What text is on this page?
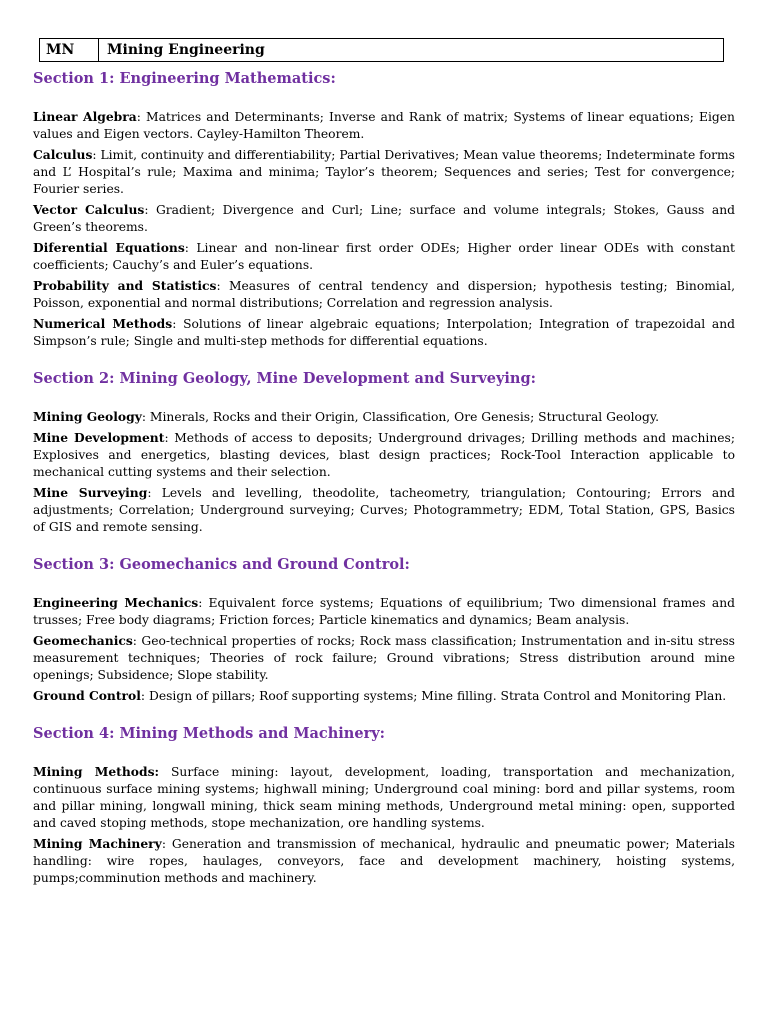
MN	Mining Engineering
Section 1: Engineering Mathematics:

Linear Algebra: Matrices and Determinants; Inverse and Rank of matrix; Systems of linear equations; Eigen values and Eigen vectors. Cayley-Hamilton Theorem.

Calculus: Limit, continuity and differentiability; Partial Derivatives; Mean value theorems; Indeterminate forms and L’ Hospital’s rule; Maxima and minima; Taylor’s theorem; Sequences and series; Test for convergence; Fourier series.

Vector Calculus: Gradient; Divergence and Curl; Line; surface and volume integrals; Stokes, Gauss and Green’s theorems.

Diferential Equations: Linear and non-linear first order ODEs; Higher order linear ODEs with constant coefficients; Cauchy’s and Euler’s equations.

Probability and Statistics: Measures of central tendency and dispersion; hypothesis testing; Binomial, Poisson, exponential and normal distributions; Correlation and regression analysis.

Numerical Methods: Solutions of linear algebraic equations; Interpolation; Integration of trapezoidal and Simpson’s rule; Single and multi-step methods for differential equations.

Section 2: Mining Geology, Mine Development and Surveying:

Mining Geology: Minerals, Rocks and their Origin, Classification, Ore Genesis; Structural Geology.

Mine Development: Methods of access to deposits; Underground drivages; Drilling methods and machines; Explosives and energetics, blasting devices, blast design practices; Rock-Tool Interaction applicable to mechanical cutting systems and their selection.

Mine Surveying: Levels and levelling, theodolite, tacheometry, triangulation; Contouring; Errors and adjustments; Correlation; Underground surveying; Curves; Photogrammetry; EDM, Total Station, GPS, Basics of GIS and remote sensing.

Section 3: Geomechanics and Ground Control:

Engineering Mechanics: Equivalent force systems; Equations of equilibrium; Two dimensional frames and trusses; Free body diagrams; Friction forces; Particle kinematics and dynamics; Beam analysis.

Geomechanics: Geo-technical properties of rocks; Rock mass classification; Instrumentation and in-situ stress measurement techniques; Theories of rock failure; Ground vibrations; Stress distribution around mine openings; Subsidence; Slope stability.

Ground Control: Design of pillars; Roof supporting systems; Mine filling. Strata Control and Monitoring Plan.

Section 4: Mining Methods and Machinery:

Mining Methods: Surface mining: layout, development, loading, transportation and mechanization, continuous surface mining systems; highwall mining; Underground coal mining: bord and pillar systems, room and pillar mining, longwall mining, thick seam mining methods, Underground metal mining: open, supported and caved stoping methods, stope mechanization, ore handling systems.

Mining Machinery: Generation and transmission of mechanical, hydraulic and pneumatic power; Materials handling: wire ropes, haulages, conveyors, face and development machinery, hoisting systems, pumps;comminution methods and machinery.
